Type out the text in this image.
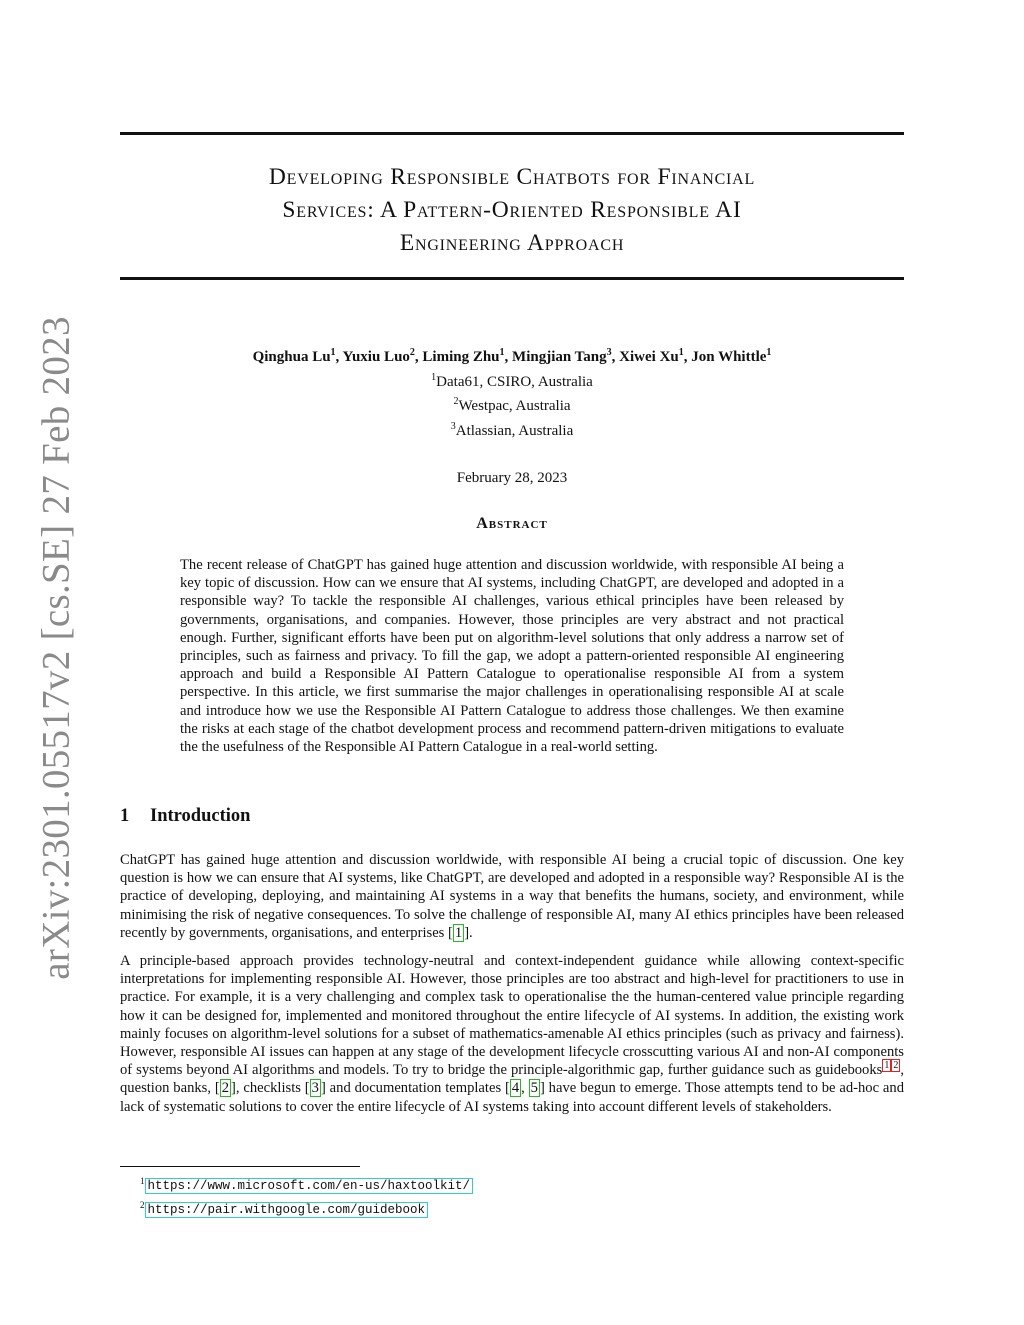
arXiv:2301.05517v2 [cs.SE] 27 Feb 2023
Developing Responsible Chatbots for Financial
Services: A Pattern-Oriented Responsible AI
Engineering Approach
Qinghua Lu$^1$, Yuxiu Luo$^2$, Liming Zhu$^1$, Mingjian Tang$^3$, Xiwei Xu$^1$, Jon Whittle$^1$
$^1$Data61, CSIRO, Australia
$^2$Westpac, Australia
$^3$Atlassian, Australia
February 28, 2023
Abstract

The recent release of ChatGPT has gained huge attention and discussion worldwide, with responsible AI being a key topic of discussion. How can we ensure that AI systems, including ChatGPT, are developed and adopted in a responsible way? To tackle the responsible AI challenges, various ethical principles have been released by governments, organisations, and companies. However, those principles are very abstract and not practical enough. Further, significant efforts have been put on algorithm-level solutions that only address a narrow set of principles, such as fairness and privacy. To fill the gap, we adopt a pattern-oriented responsible AI engineering approach and build a Responsible AI Pattern Catalogue to operationalise responsible AI from a system perspective. In this article, we first summarise the major challenges in operationalising responsible AI at scale and introduce how we use the Responsible AI Pattern Catalogue to address those challenges. We then examine the risks at each stage of the chatbot development process and recommend pattern-driven mitigations to evaluate the the usefulness of the Responsible AI Pattern Catalogue in a real-world setting.

1 Introduction

ChatGPT has gained huge attention and discussion worldwide, with responsible AI being a crucial topic of discussion. One key question is how we can ensure that AI systems, like ChatGPT, are developed and adopted in a responsible way? Responsible AI is the practice of developing, deploying, and maintaining AI systems in a way that benefits the humans, society, and environment, while minimising the risk of negative consequences. To solve the challenge of responsible AI, many AI ethics principles have been released recently by governments, organisations, and enterprises [ 1 ].

A principle-based approach provides technology-neutral and context-independent guidance while allowing context-specific interpretations for implementing responsible AI. However, those principles are too abstract and high-level for practitioners to use in practice. For example, it is a very challenging and complex task to operationalise the the human-centered value principle regarding how it can be designed for, implemented and monitored throughout the entire lifecycle of AI systems. In addition, the existing work mainly focuses on algorithm-level solutions for a subset of mathematics-amenable AI ethics principles (such as privacy and fairness). However, responsible AI issues can happen at any stage of the development lifecycle crosscutting various AI and non-AI components of systems beyond AI algorithms and models. To try to bridge the principle-algorithmic gap, further guidance such as guidebooks $^1$ $^2$ , question banks, [ 2 ], checklists [ 3 ] and documentation templates [ 4 , 5 ] have begun to emerge. Those attempts tend to be ad-hoc and lack of systematic solutions to cover the entire lifecycle of AI systems taking into account different levels of stakeholders.

$^1$ https://www.microsoft.com/en-us/haxtoolkit/
$^2$ https://pair.withgoogle.com/guidebook
